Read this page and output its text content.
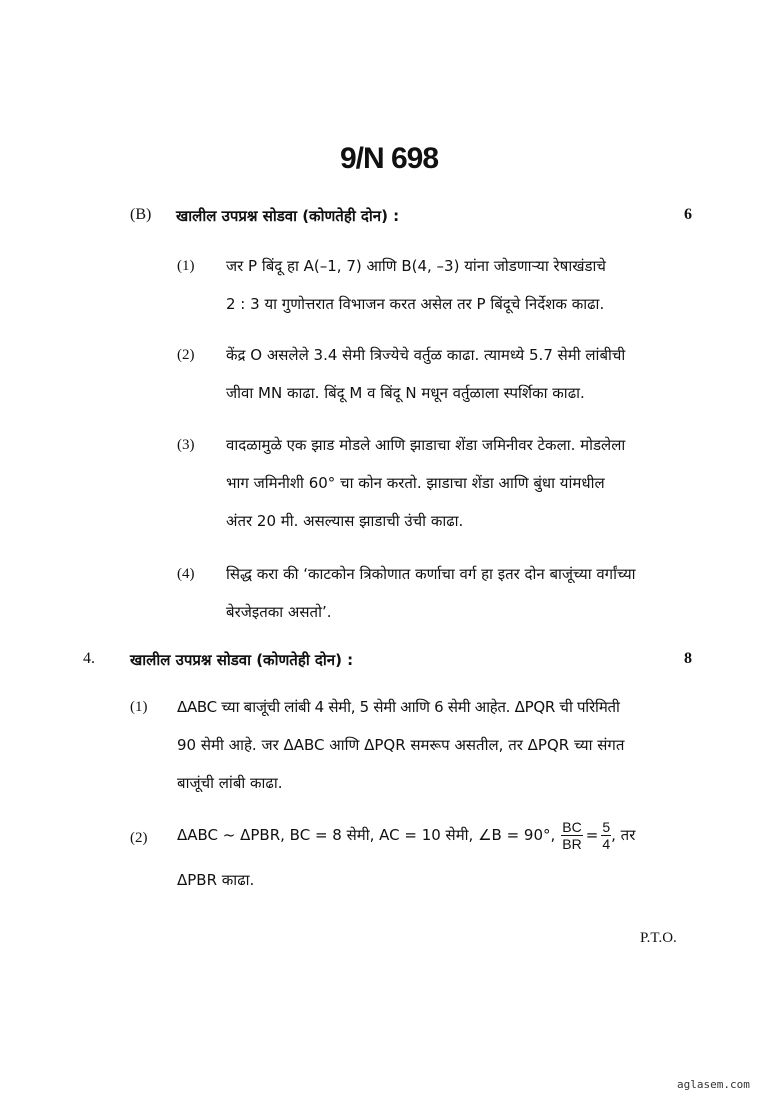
9/N 698
(B) खालील उपप्रश्न सोडवा (कोणतेही दोन) :	6
(1) जर P बिंदू हा A(–1, 7) आणि B(4, –3) यांना जोडणाऱ्या रेषाखंडाचे
2 : 3 या गुणोत्तरात विभाजन करत असेल तर P बिंदूचे निर्देशक काढा.
(2) केंद्र O असलेले 3.4 सेमी त्रिज्येचे वर्तुळ काढा. त्यामध्ये 5.7 सेमी लांबीची
जीवा MN काढा. बिंदू M व बिंदू N मधून वर्तुळाला स्पर्शिका काढा.
(3) वादळामुळे एक झाड मोडले आणि झाडाचा शेंडा जमिनीवर टेकला. मोडलेला
भाग जमिनीशी 60° चा कोन करतो. झाडाचा शेंडा आणि बुंधा यांमधील
अंतर 20 मी. असल्यास झाडाची उंची काढा.
(4) सिद्ध करा की ‘काटकोन त्रिकोणात कर्णाचा वर्ग हा इतर दोन बाजूंच्या वर्गांच्या
बेरजेइतका असतो’.
4. खालील उपप्रश्न सोडवा (कोणतेही दोन) :	8
(1) ΔABC च्या बाजूंची लांबी 4 सेमी, 5 सेमी आणि 6 सेमी आहेत. ΔPQR ची परिमिती
90 सेमी आहे. जर ΔABC आणि ΔPQR समरूप असतील, तर ΔPQR च्या संगत
बाजूंची लांबी काढा.
(2) ΔABC ~ ΔPBR, BC = 8 सेमी, AC = 10 सेमी, ∠B = 90°, $\frac{BC}{BR} = \frac{5}{4}$ , तर
ΔPBR काढा.
P.T.O.
aglasem.com
